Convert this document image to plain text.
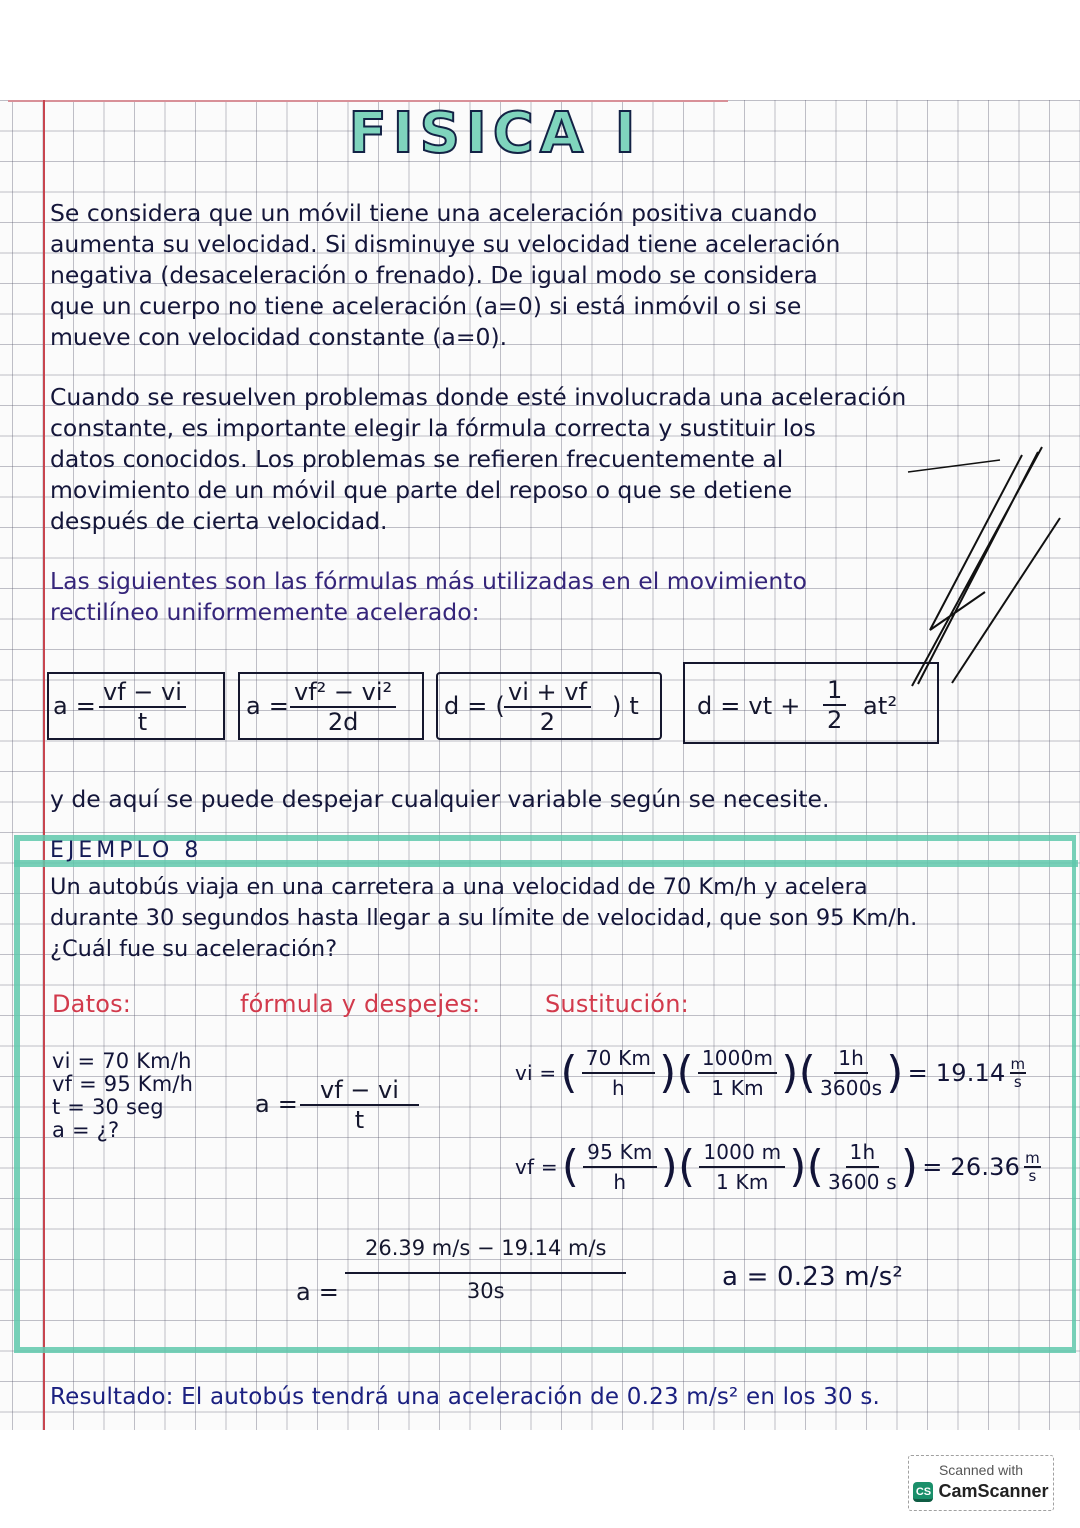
FISICA I
Se considera que un móvil tiene una aceleración positiva cuando
aumenta su velocidad. Si disminuye su velocidad tiene aceleración
negativa (desaceleración o frenado). De igual modo se considera
que un cuerpo no tiene aceleración (a=0) si está inmóvil o si se
mueve con velocidad constante (a=0).
Cuando se resuelven problemas donde esté involucrada una aceleración
constante, es importante elegir la fórmula correcta y sustituir los
datos conocidos. Los problemas se refieren frecuentemente al
movimiento de un móvil que parte del reposo o que se detiene
después de cierta velocidad.
Las siguientes son las fórmulas más utilizadas en el movimiento
rectilíneo uniformemente acelerado:
$a = \frac{vf - vi}{t}$	$a = \frac{\text{vf² − vi²}}{2d}$ d = ( $\frac{vi + vf}{2}$ ) t d = vt + $\frac{1}{2} at^2$
y de aquí se puede despejar cualquier variable según se necesite.
EJEMPLO 8
Un autobús viaja en una carretera a una velocidad de 70 Km/h y acelera
durante 30 segundos hasta llegar a su límite de velocidad, que son 95 Km/h.
¿Cuál fue su aceleración?
Datos:	fórmula y despejes:	Sustitución:
vi = 70 Km/h
vf = 95 Km/h
t = 30 seg
a = ¿?
$a = \frac{vf - vi}{t}$
vi = ( $\frac{70 Km}{h}$ )( $\frac{1000m}{1 Km}$ )( $\frac{1h}{3600s}$ ) = $19.14 \frac{m}{s}$
vf = ( $\frac{95 Km}{h}$ )( $\frac{1000 m}{1 Km}$ )( $\frac{1h}{3600 s}$ ) = $26.36 \frac{m}{s}$
$a = \frac{26.39 m/s - 19.14 m/s}{30s}$	a = 0.23 m/s²
Resultado: El autobús tendrá una aceleración de 0.23 m/s² en los 30 s.
Scanned with
CS CamScanner
